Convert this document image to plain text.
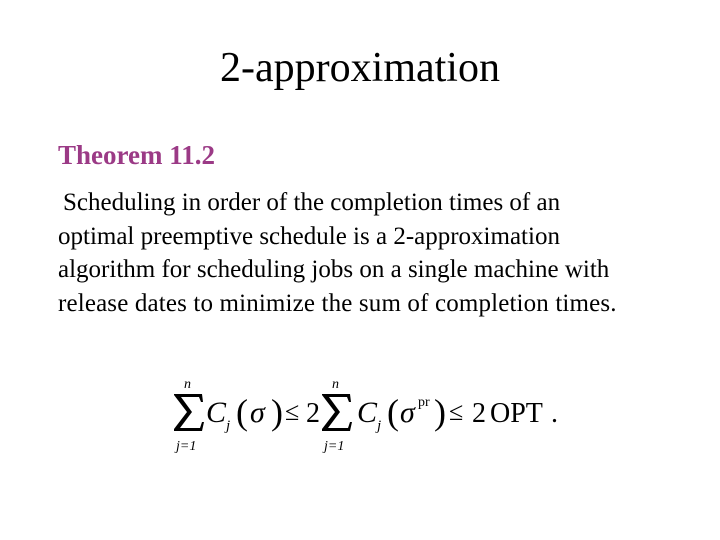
2-approximation
Theorem 11.2
Scheduling in order of the completion times of an
optimal preemptive schedule is a 2-approximation
algorithm for scheduling jobs on a single machine with
release dates to minimize the sum of completion times.
n
j=1
C j ( σ ) ≤ 2
n
j=1
C j ( σ pr ) ≤ 2 OPT .
